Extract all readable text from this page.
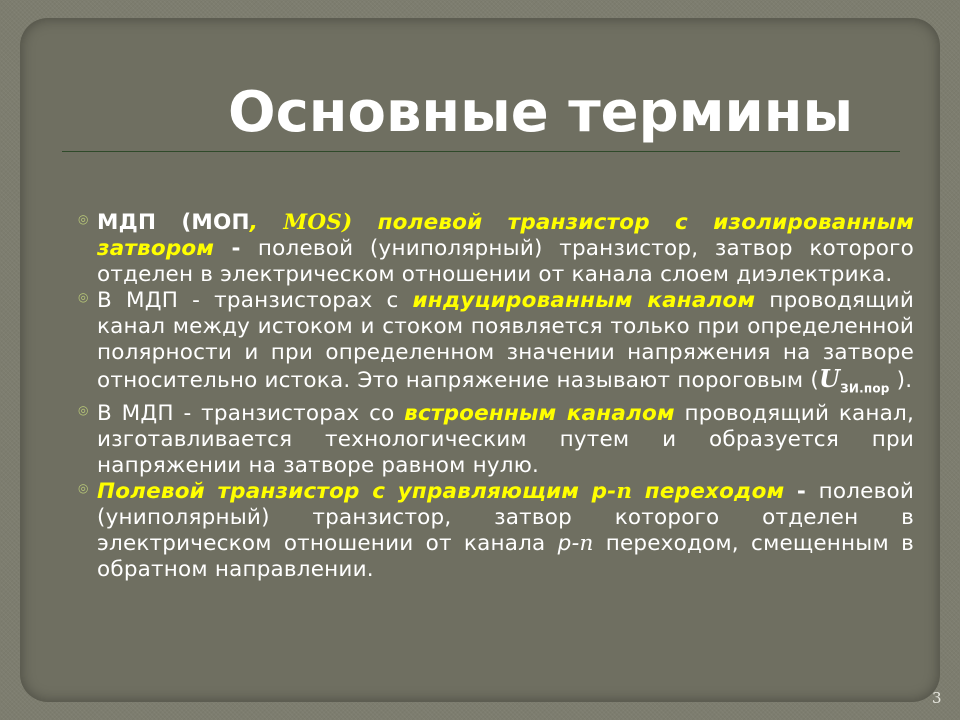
Основные термины
◎ МДП (МОП, MOS) полевой транзистор с изолированным затвором - полевой (униполярный) транзистор, затвор которого отделен в электрическом отношении от канала слоем диэлектрика.
◎ В МДП - транзисторах с индуцированным каналом проводящий канал между истоком и стоком появляется только при определенной полярности и при определенном значении напряжения на затворе относительно истока. Это напряжение называют пороговым ($U_{ЗИ.пор}$ ).
◎ В МДП - транзисторах со встроенным каналом проводящий канал, изготавливается технологическим путем и образуется при напряжении на затворе равном нулю.
◎ Полевой транзистор с управляющим p-n переходом - полевой (униполярный) транзистор, затвор которого отделен в электрическом отношении от канала p-n переходом, смещенным в обратном направлении.
3
